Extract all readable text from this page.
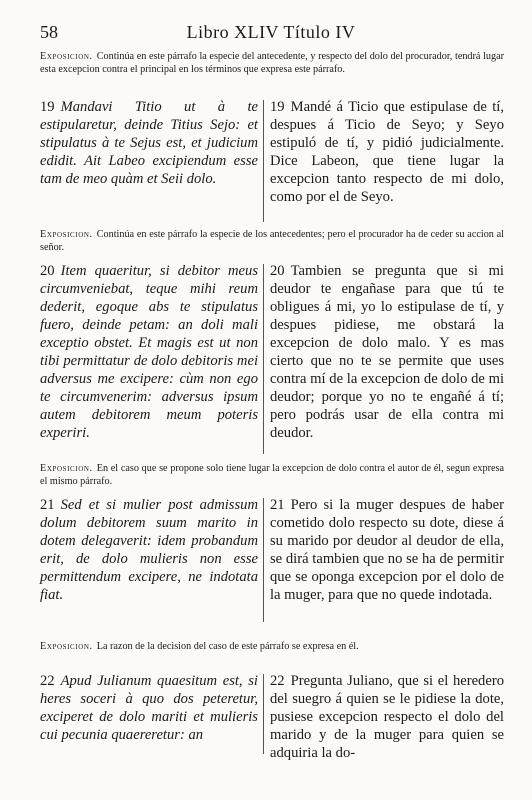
58	Libro XLIV Título IV

Exposicion. Continúa en este párrafo la especie del antecedente, y respecto del dolo del procurador, tendrá lugar esta excepcion contra el principal en los términos que expresa este párrafo.

19 Mandavi Titio ut à te estipularetur, deinde Titius Sejo: et stipulatus à te Sejus est, et judicium edidit. Ait Labeo excipiendum esse tam de meo quàm et Seii dolo.

19 Mandé á Ticio que estipulase de tí, despues á Ticio de Seyo; y Seyo estipuló de tí, y pidió judicialmente. Dice Labeon, que tiene lugar la excepcion tanto respecto de mi dolo, como por el de Seyo.

Exposicion. Continúa en este párrafo la especie de los antecedentes; pero el procurador ha de ceder su accion al señor.

20 Item quaeritur, si debitor meus circumveniebat, teque mihi reum dederit, egoque abs te stipulatus fuero, deinde petam: an doli mali exceptio obstet. Et magis est ut non tibi permittatur de dolo debitoris mei adversus me excipere: cùm non ego te circumvenerim: adversus ipsum autem debitorem meum poteris experiri.

20 Tambien se pregunta que si mi deudor te engañase para que tú te obligues á mi, yo lo estipulase de tí, y despues pidiese, me obstará la excepcion de dolo malo. Y es mas cierto que no te se permite que uses contra mí de la excepcion de dolo de mi deudor; porque yo no te engañé á tí; pero podrás usar de ella contra mi deudor.

Exposicion. En el caso que se propone solo tiene lugar la excepcion de dolo contra el autor de él, segun expresa el mismo párrafo.

21 Sed et si mulier post admissum dolum debitorem suum marito in dotem delegaverit: idem probandum erit, de dolo mulieris non esse permittendum excipere, ne indotata fiat.

21 Pero si la muger despues de haber cometido dolo respecto su dote, diese á su marido por deudor al deudor de ella, se dirá tambien que no se ha de permitir que se oponga excepcion por el dolo de la muger, para que no quede indotada.

Exposicion. La razon de la decision del caso de este párrafo se expresa en él.

22 Apud Julianum quaesitum est, si heres soceri à quo dos peteretur, exciperet de dolo mariti et mulieris cui pecunia quaereretur: an

22 Pregunta Juliano, que si el heredero del suegro á quien se le pidiese la dote, pusiese excepcion respecto el dolo del marido y de la muger para quien se adquiria la do-
